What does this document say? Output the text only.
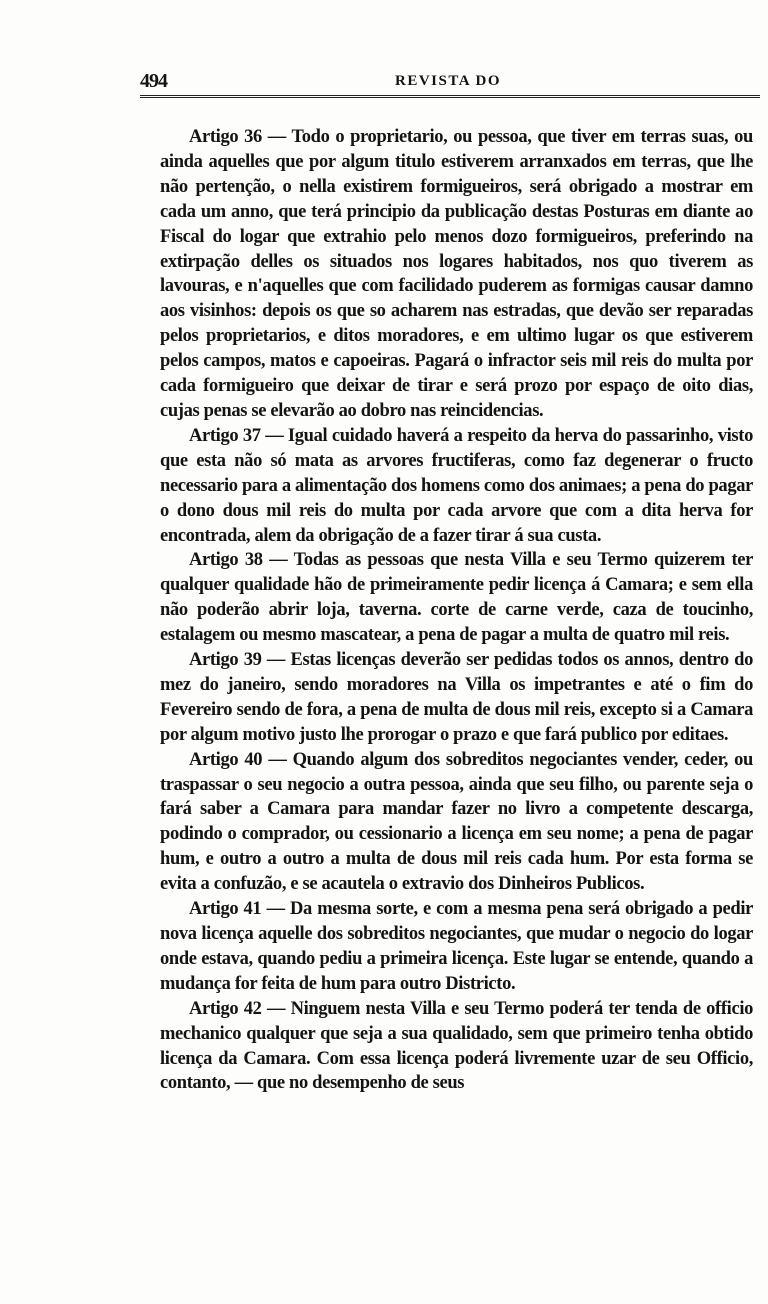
494	REVISTA DO

Artigo 36 — Todo o proprietario, ou pessoa, que tiver em terras suas, ou ainda aquelles que por algum titulo estiverem arranxados em terras, que lhe não pertenção, o nella existirem formigueiros, será obrigado a mostrar em cada um anno, que terá principio da publicação destas Posturas em diante ao Fiscal do logar que extrahio pelo menos dozo formigueiros, preferindo na extirpação delles os situados nos logares habitados, nos quo tiverem as lavouras, e n'aquelles que com facilidado puderem as formigas causar damno aos visinhos: depois os que so acharem nas estradas, que devão ser reparadas pelos proprietarios, e ditos moradores, e em ultimo lugar os que estiverem pelos campos, matos e capoeiras. Pagará o infractor seis mil reis do multa por cada formigueiro que deixar de tirar e será prozo por espaço de oito dias, cujas penas se elevarão ao dobro nas reincidencias.

Artigo 37 — Igual cuidado haverá a respeito da herva do passarinho, visto que esta não só mata as arvores fructiferas, como faz degenerar o fructo necessario para a alimentação dos homens como dos animaes; a pena do pagar o dono dous mil reis do multa por cada arvore que com a dita herva for encontrada, alem da obrigação de a fazer tirar á sua custa.

Artigo 38 — Todas as pessoas que nesta Villa e seu Termo quizerem ter qualquer qualidade hão de primeiramente pedir licença á Camara; e sem ella não poderão abrir loja, taverna. corte de carne verde, caza de toucinho, estalagem ou mesmo mascatear, a pena de pagar a multa de quatro mil reis.

Artigo 39 — Estas licenças deverão ser pedidas todos os annos, dentro do mez do janeiro, sendo moradores na Villa os impetrantes e até o fim do Fevereiro sendo de fora, a pena de multa de dous mil reis, excepto si a Camara por algum motivo justo lhe prorogar o prazo e que fará publico por editaes.

Artigo 40 — Quando algum dos sobreditos negociantes vender, ceder, ou traspassar o seu negocio a outra pessoa, ainda que seu filho, ou parente seja o fará saber a Camara para mandar fazer no livro a competente descarga, podindo o comprador, ou cessionario a licença em seu nome; a pena de pagar hum, e outro a outro a multa de dous mil reis cada hum. Por esta forma se evita a confuzão, e se acautela o extravio dos Dinheiros Publicos.

Artigo 41 — Da mesma sorte, e com a mesma pena será obrigado a pedir nova licença aquelle dos sobreditos negociantes, que mudar o negocio do logar onde estava, quando pediu a primeira licença. Este lugar se entende, quando a mudança for feita de hum para outro Districto.

Artigo 42 — Ninguem nesta Villa e seu Termo poderá ter tenda de officio mechanico qualquer que seja a sua qualidado, sem que primeiro tenha obtido licença da Camara. Com essa licença poderá livremente uzar de seu Officio, contanto, — que no desempenho de seus
